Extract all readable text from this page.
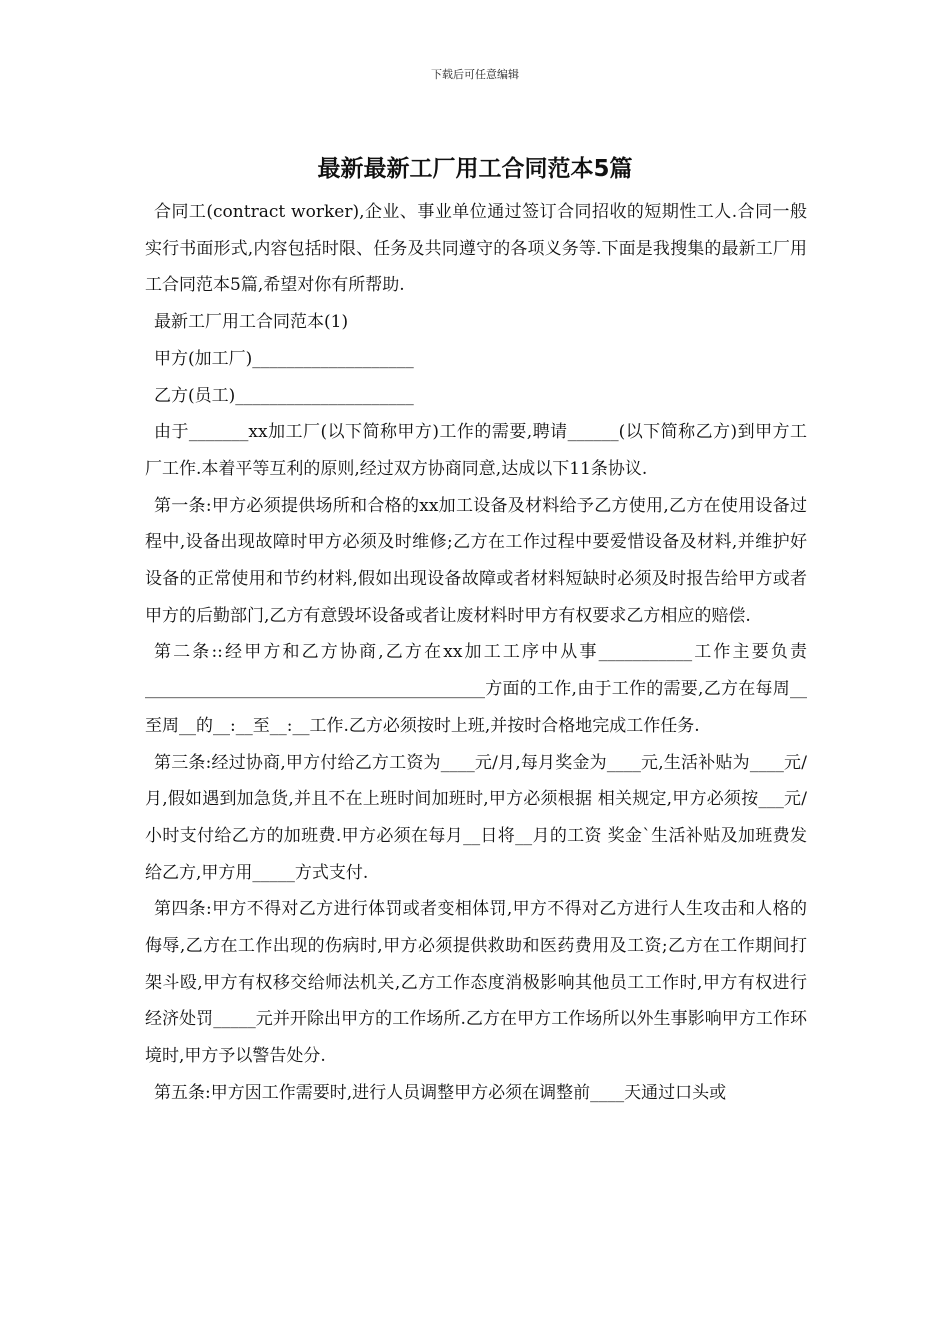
下载后可任意编辑
最新最新工厂用工合同范本5篇

合同工(contract worker),企业、事业单位通过签订合同招收的短期性工人.合同一般实行书面形式,内容包括时限、任务及共同遵守的各项义务等.下面是我搜集的最新工厂用工合同范本5篇,希望对你有所帮助.

最新工厂用工合同范本(1)

甲方(加工厂)___________________

乙方(员工)_____________________

由于_______xx加工厂(以下简称甲方)工作的需要,聘请______(以下简称乙方)到甲方工厂工作.本着平等互利的原则,经过双方协商同意,达成以下11条协议.

第一条:甲方必须提供场所和合格的xx加工设备及材料给予乙方使用,乙方在使用设备过程中,设备出现故障时甲方必须及时维修;乙方在工作过程中要爱惜设备及材料,并维护好设备的正常使用和节约材料,假如出现设备故障或者材料短缺时必须及时报告给甲方或者甲方的后勤部门,乙方有意毁坏设备或者让废材料时甲方有权要求乙方相应的赔偿.

第二条::经甲方和乙方协商,乙方在xx加工工序中从事___________工作主要负责________________________________________方面的工作,由于工作的需要,乙方在每周__至周__的__:__至__:__工作.乙方必须按时上班,并按时合格地完成工作任务.

第三条:经过协商,甲方付给乙方工资为____元/月,每月奖金为____元,生活补贴为____元/月,假如遇到加急货,并且不在上班时间加班时,甲方必须根据 相关规定,甲方必须按___元/小时支付给乙方的加班费.甲方必须在每月__日将__月的工资 奖金`生活补贴及加班费发给乙方,甲方用_____方式支付.

第四条:甲方不得对乙方进行体罚或者变相体罚,甲方不得对乙方进行人生攻击和人格的侮辱,乙方在工作出现的伤病时,甲方必须提供救助和医药费用及工资;乙方在工作期间打架斗殴,甲方有权移交给师法机关,乙方工作态度消极影响其他员工工作时,甲方有权进行经济处罚_____元并开除出甲方的工作场所.乙方在甲方工作场所以外生事影响甲方工作环境时,甲方予以警告处分.

第五条:甲方因工作需要时,进行人员调整甲方必须在调整前____天通过口头或
